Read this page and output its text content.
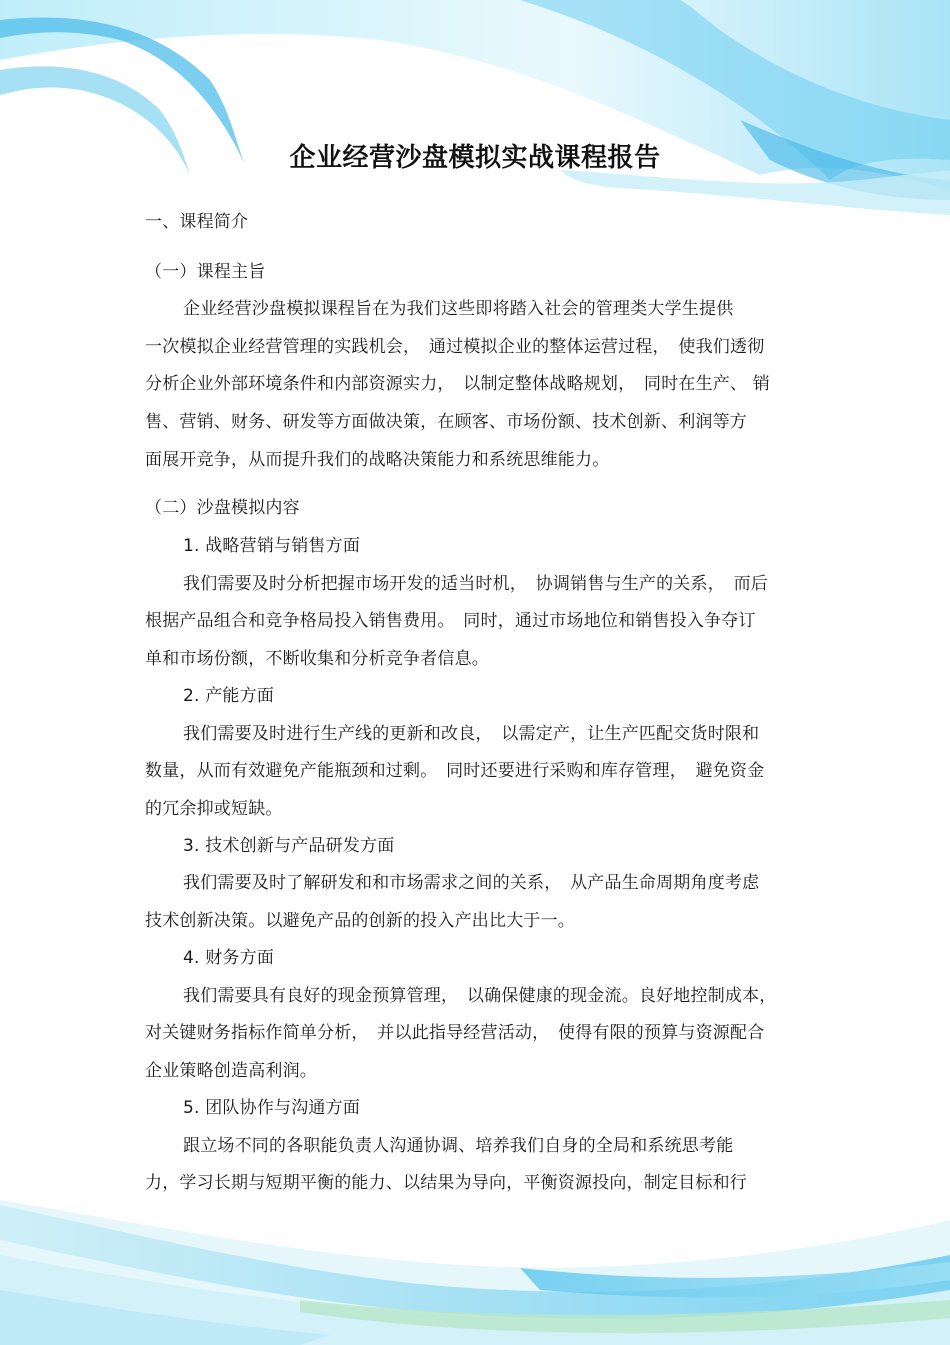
企业经营沙盘模拟实战课程报告

一、课程简介

（一）课程主旨

企业经营沙盘模拟课程旨在为我们这些即将踏入社会的管理类大学生提供

一次模拟企业经营管理的实践机会，　通过模拟企业的整体运营过程，　使我们透彻

分析企业外部环境条件和内部资源实力，　以制定整体战略规划，　同时在生产、 销

售、营销、财务、研发等方面做决策，在顾客、市场份额、技术创新、利润等方

面展开竞争，从而提升我们的战略决策能力和系统思维能力。

（二）沙盘模拟内容

1. 战略营销与销售方面

我们需要及时分析把握市场开发的适当时机，　协调销售与生产的关系，　而后

根据产品组合和竞争格局投入销售费用。　同时，通过市场地位和销售投入争夺订

单和市场份额，不断收集和分析竞争者信息。

2. 产能方面

我们需要及时进行生产线的更新和改良，　以需定产，让生产匹配交货时限和

数量，从而有效避免产能瓶颈和过剩。　同时还要进行采购和库存管理，　避免资金

的冗余抑或短缺。

3. 技术创新与产品研发方面

我们需要及时了解研发和和市场需求之间的关系，　从产品生命周期角度考虑

技术创新决策。以避免产品的创新的投入产出比大于一。

4. 财务方面

我们需要具有良好的现金预算管理，　以确保健康的现金流。良好地控制成本，

对关键财务指标作简单分析，　并以此指导经营活动，　使得有限的预算与资源配合

企业策略创造高利润。

5. 团队协作与沟通方面

跟立场不同的各职能负责人沟通协调、培养我们自身的全局和系统思考能

力，学习长期与短期平衡的能力、以结果为导向，平衡资源投向，制定目标和行
